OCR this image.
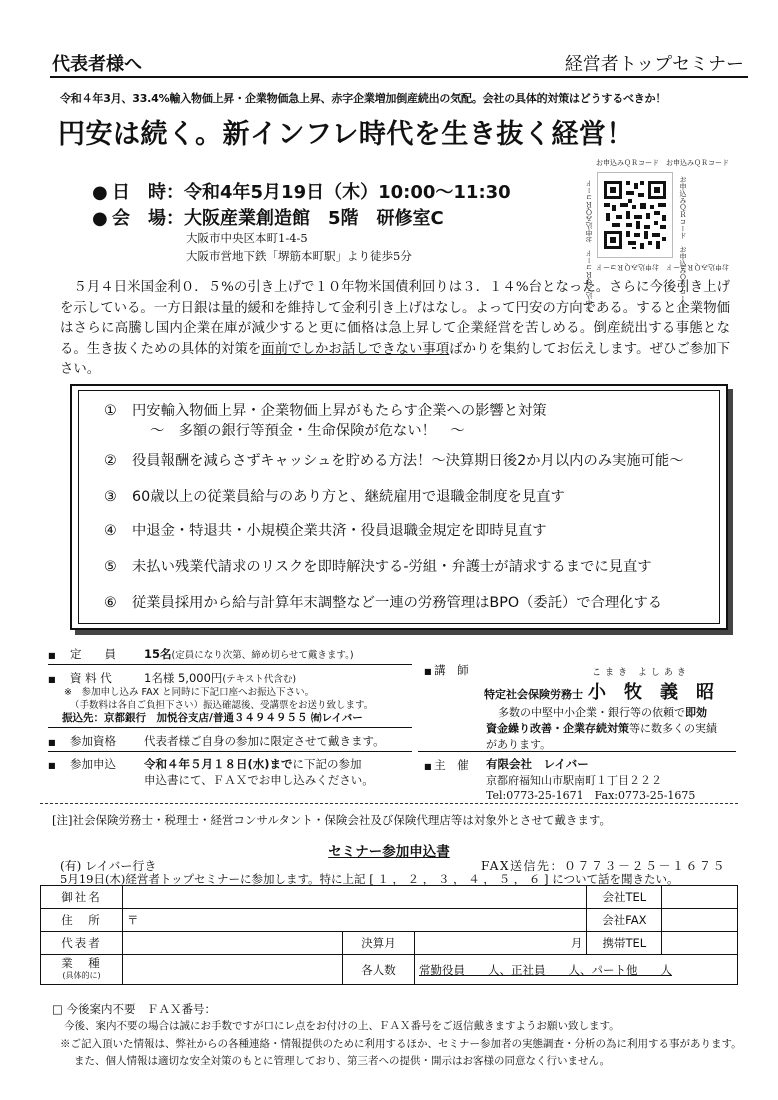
代表者様へ	経営者トップセミナー
令和４年3月、33.4%輸入物価上昇・企業物価急上昇、赤字企業増加倒産続出の気配。会社の具体的対策はどうするべきか！
円安は続く。新インフレ時代を生き抜く経営！
● 日　時：令和4年5月19日（木）10:00～11:30
● 会　場：大阪産業創造館　5階　研修室C
大阪市中央区本町1-4-5
大阪市営地下鉄「堺筋本町駅」より徒歩5分
お申込みＱＲコード　お申込みＱＲコード
お申込みＱＲコード　お申込みＱＲコード
お申込みＱＲコード　お申込みＱＲコード	お申込みＱＲコード　お申込みＱＲコード
　５月４日米国金利０．５%の引き上げで１０年物米国債利回りは３．１４%台となった。さらに今後引き上げを示している。一方日銀は量的緩和を維持して金利引き上げはなし。よって円安の方向である。すると企業物価はさらに高騰し国内企業在庫が減少すると更に価格は急上昇して企業経営を苦しめる。倒産続出する事態となる。生き抜くための具体的対策を面前でしかお話しできない事項ばかりを集約してお伝えします。ぜひご参加下さい。
① 円安輸入物価上昇・企業物価上昇がもたらす企業への影響と対策
～　多額の銀行等預金・生命保険が危ない！　～
② 役員報酬を減らさずキャッシュを貯める方法！～決算期日後2か月以内のみ実施可能～
③ 60歳以上の従業員給与のあり方と、継続雇用で退職金制度を見直す
④ 中退金・特退共・小規模企業共済・役員退職金規定を即時見直す
⑤ 未払い残業代請求のリスクを即時解決する-労組・弁護士が請求するまでに見直す
⑥ 従業員採用から給与計算年末調整など一連の労務管理はBPO（委託）で合理化する
■ 定　　員 15名(定員になり次第、締め切らせて戴きます。)
■ 資 料 代	1名様 5,000円(テキスト代含む)
※　参加申し込み FAX と同時に下記口座へお振込下さい。
（手数料は各自ご負担下さい）振込確認後、受講票をお送り致します。
振込先：京都銀行　加悦谷支店/普通３４９４９５５ ㈲レイバー
■ 参加資格 代表者様ご自身の参加に限定させて戴きます。
■ 参加申込 令和４年５月１８日(水)までに下記の参加
申込書にて、ＦＡＸでお申し込みください。
■ 講　師	こまき よしあき
特定社会保険労務士 小　牧　義　昭
多数の中堅中小企業・銀行等の依頼で即効
資金繰り改善・企業存続対策等に数多くの実績
があります。
■ 主　催 有限会社　レイバー
京都府福知山市駅南町１丁目２２２
Tel:0773-25-1671　Fax:0773-25-1675
[注]社会保険労務士・税理士・経営コンサルタント・保険会社及び保険代理店等は対象外とさせて戴きます。
セミナー参加申込書
(有) レイバー行き	FAX送信先：０７７３－２５－１６７５
5月19日(木)経営者トップセミナーに参加します。特に上記 [ １ ， ２ ， ３ ， ４ ， ５ ， ６ ] について話を聞きたい。
御社名				会社TEL	
住　所	〒			会社FAX	
代表者		決算月	月	携帯TEL	
業　種
(具体的に)		各人数	常勤役員　　人、正社員　　人、パート他　　人		
□ 今後案内不要　ＦＡＸ番号：
今後、案内不要の場合は誠にお手数ですが口にレ点をお付けの上、ＦＡＸ番号をご返信戴きますようお願い致します。
※ご記入頂いた情報は、弊社からの各種連絡・情報提供のために利用するほか、セミナー参加者の実態調査・分析の為に利用する事があります。
また、個人情報は適切な安全対策のもとに管理しており、第三者への提供・開示はお客様の同意なく行いません。
